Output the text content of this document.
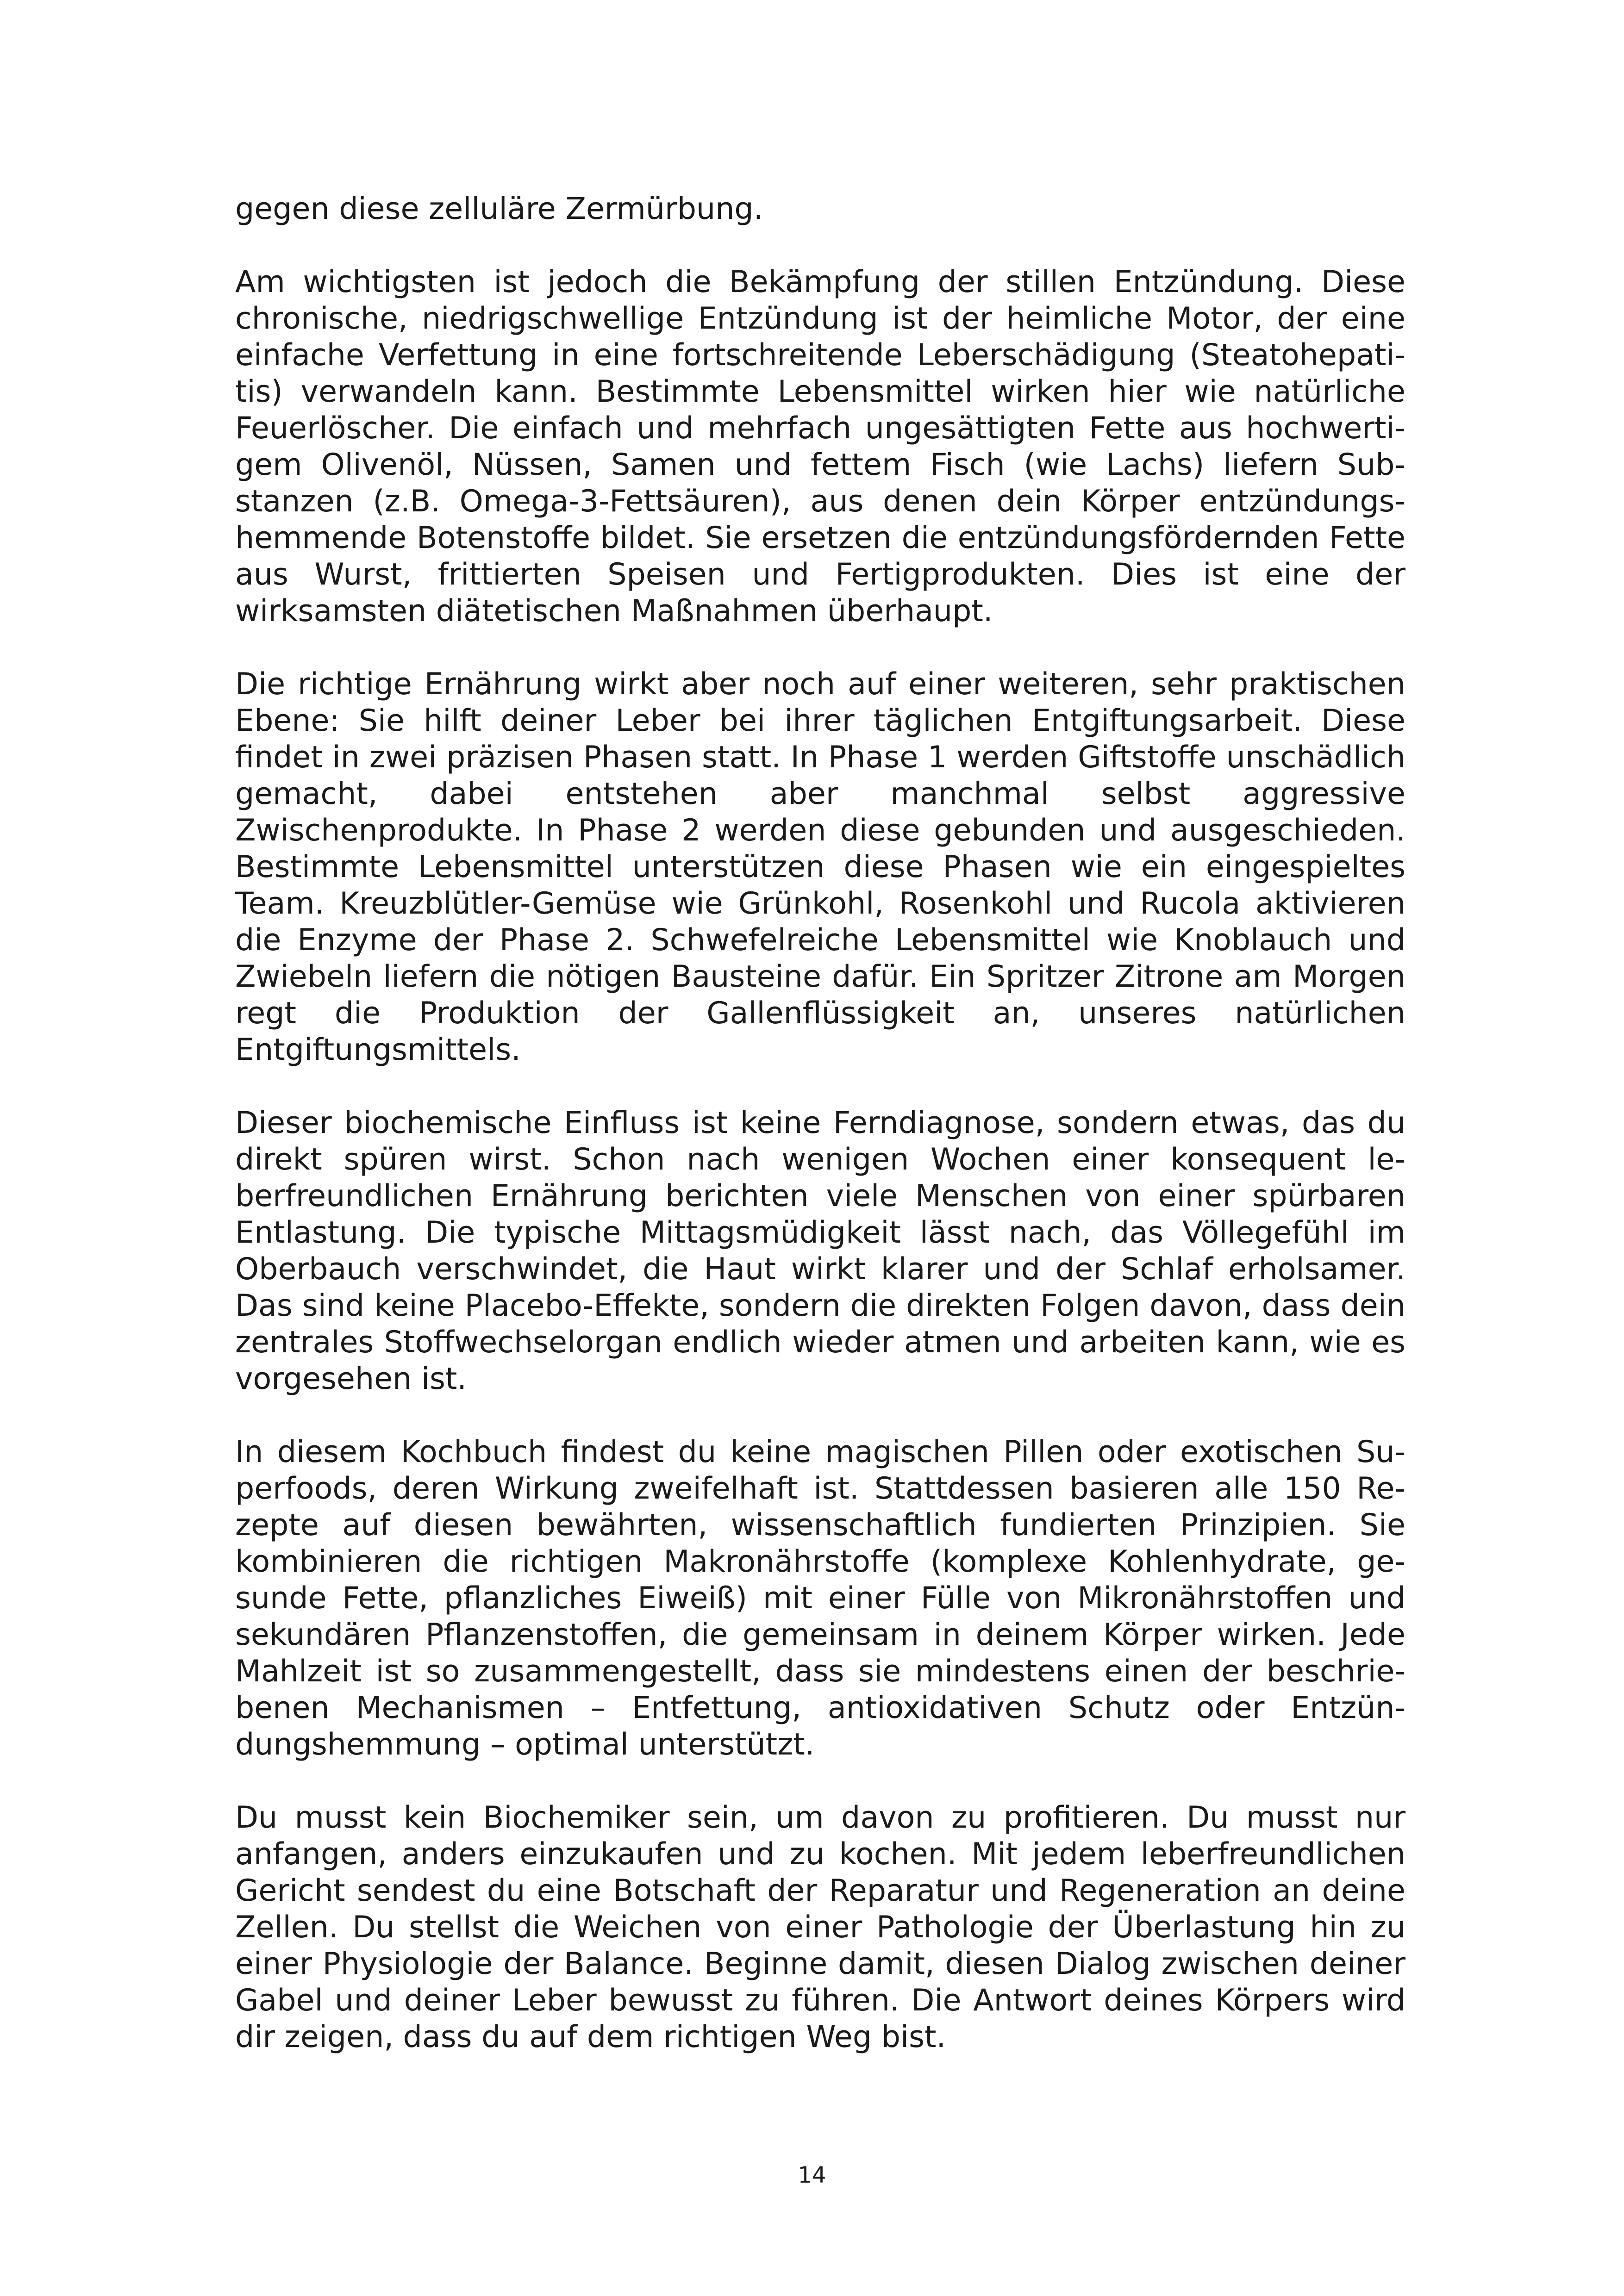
gegen diese zelluläre Zermürbung.

Am wichtigsten ist jedoch die Bekämpfung der stillen Entzündung. Diese chronische, niedrigschwellige Entzündung ist der heimliche Motor, der eine einfache Verfettung in eine fortschreitende Leberschädigung (Steatohepatitis) verwandeln kann. Bestimmte Lebensmittel wirken hier wie natürliche Feuerlöscher. Die einfach und mehrfach ungesättigten Fette aus hochwertigem Olivenöl, Nüssen, Samen und fettem Fisch (wie Lachs) liefern Substanzen (z.B. Omega-3-Fettsäuren), aus denen dein Körper entzündungshemmende Botenstoffe bildet. Sie ersetzen die entzündungsfördernden Fette aus Wurst, frittierten Speisen und Fertigprodukten. Dies ist eine der wirksamsten diätetischen Maßnahmen überhaupt.

Die richtige Ernährung wirkt aber noch auf einer weiteren, sehr praktischen Ebene: Sie hilft deiner Leber bei ihrer täglichen Entgiftungsarbeit. Diese findet in zwei präzisen Phasen statt. In Phase 1 werden Giftstoffe unschädlich gemacht, dabei entstehen aber manchmal selbst aggressive Zwischenprodukte. In Phase 2 werden diese gebunden und ausgeschieden. Bestimmte Lebensmittel unterstützen diese Phasen wie ein eingespieltes Team. Kreuzblütler-Gemüse wie Grünkohl, Rosenkohl und Rucola aktivieren die Enzyme der Phase 2. Schwefelreiche Lebensmittel wie Knoblauch und Zwiebeln liefern die nötigen Bausteine dafür. Ein Spritzer Zitrone am Morgen regt die Produktion der Gallenflüssigkeit an, unseres natürlichen Entgiftungsmittels.

Dieser biochemische Einfluss ist keine Ferndiagnose, sondern etwas, das du direkt spüren wirst. Schon nach wenigen Wochen einer konsequent leberfreundlichen Ernährung berichten viele Menschen von einer spürbaren Entlastung. Die typische Mittagsmüdigkeit lässt nach, das Völlegefühl im Oberbauch verschwindet, die Haut wirkt klarer und der Schlaf erholsamer. Das sind keine Placebo-Effekte, sondern die direkten Folgen davon, dass dein zentrales Stoffwechselorgan endlich wieder atmen und arbeiten kann, wie es vorgesehen ist.

In diesem Kochbuch findest du keine magischen Pillen oder exotischen Superfoods, deren Wirkung zweifelhaft ist. Stattdessen basieren alle 150 Rezepte auf diesen bewährten, wissenschaftlich fundierten Prinzipien. Sie kombinieren die richtigen Makronährstoffe (komplexe Kohlenhydrate, gesunde Fette, pflanzliches Eiweiß) mit einer Fülle von Mikronährstoffen und sekundären Pflanzenstoffen, die gemeinsam in deinem Körper wirken. Jede Mahlzeit ist so zusammengestellt, dass sie mindestens einen der beschriebenen Mechanismen – Entfettung, antioxidativen Schutz oder Entzündungshemmung – optimal unterstützt.

Du musst kein Biochemiker sein, um davon zu profitieren. Du musst nur anfangen, anders einzukaufen und zu kochen. Mit jedem leberfreundlichen Gericht sendest du eine Botschaft der Reparatur und Regeneration an deine Zellen. Du stellst die Weichen von einer Pathologie der Überlastung hin zu einer Physiologie der Balance. Beginne damit, diesen Dialog zwischen deiner Gabel und deiner Leber bewusst zu führen. Die Antwort deines Körpers wird dir zeigen, dass du auf dem richtigen Weg bist.

14
